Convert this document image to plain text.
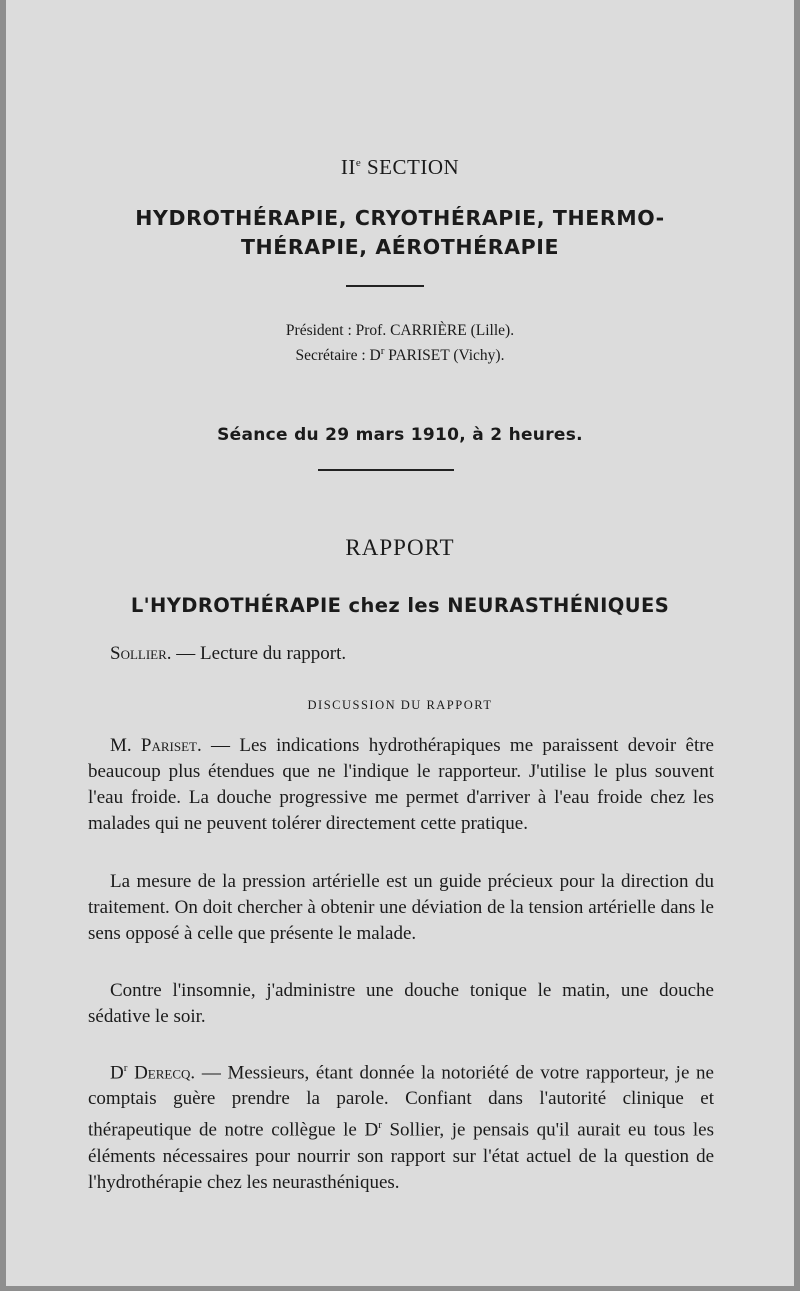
IIe SECTION
HYDROTHÉRAPIE, CRYOTHÉRAPIE, THERMO-
THÉRAPIE, AÉROTHÉRAPIE
Président : Prof. CARRIÈRE (Lille).
Secrétaire : $D^r$ PARISET (Vichy).
Séance du 29 mars 1910, à 2 heures.
RAPPORT
L'HYDROTHÉRAPIE chez les NEURASTHÉNIQUES
Sollier. — Lecture du rapport.
DISCUSSION DU RAPPORT
M. Pariset. — Les indications hydrothérapiques me paraissent devoir être beaucoup plus étendues que ne l'indique le rapporteur. J'utilise le plus souvent l'eau froide. La douche progressive me permet d'arriver à l'eau froide chez les malades qui ne peuvent tolérer directement cette pratique.
La mesure de la pression artérielle est un guide précieux pour la direction du traitement. On doit chercher à obtenir une déviation de la tension artérielle dans le sens opposé à celle que présente le malade.
Contre l'insomnie, j'administre une douche tonique le matin, une douche sédative le soir.
$D^r$ Derecq. — Messieurs, étant donnée la notoriété de votre rapporteur, je ne comptais guère prendre la parole. Confiant dans l'autorité clinique et thérapeutique de notre collègue le $D^r$ Sollier, je pensais qu'il aurait eu tous les éléments nécessaires pour nourrir son rapport sur l'état actuel de la question de l'hydrothérapie chez les neurasthéniques.
